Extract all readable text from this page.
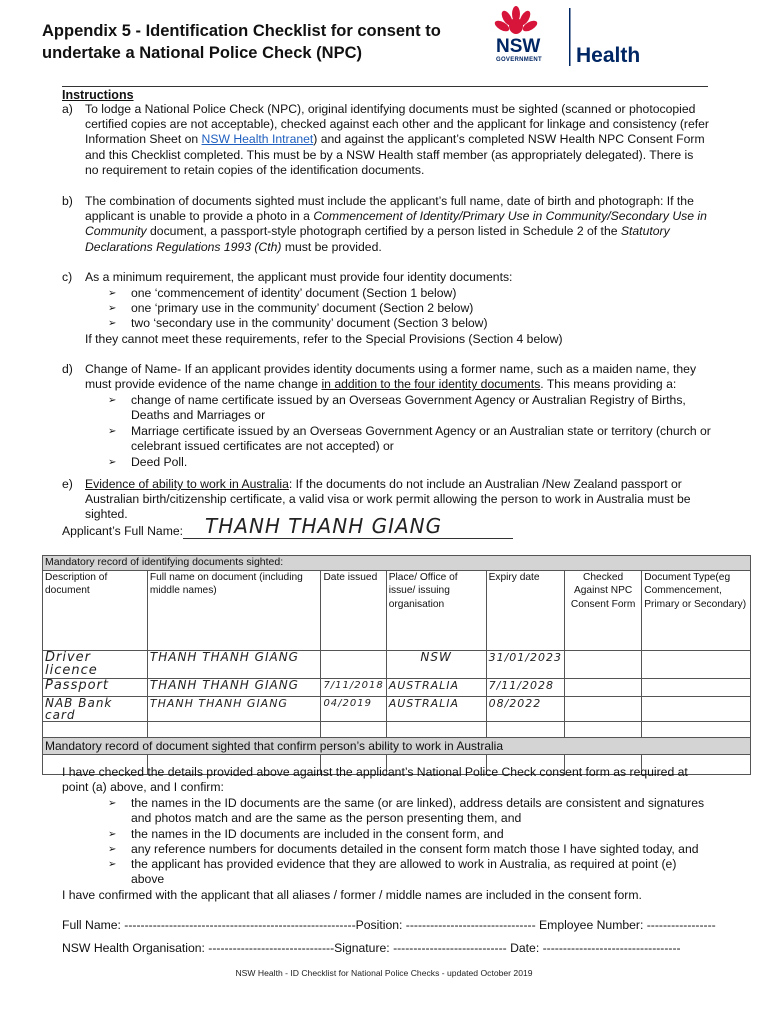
Appendix 5 - Identification Checklist for consent to undertake a National Police Check (NPC)	NSW
GOVERNMENT Health
Instructions
a) To lodge a National Police Check (NPC), original identifying documents must be sighted (scanned or photocopied certified copies are not acceptable), checked against each other and the applicant for linkage and consistency (refer Information Sheet on NSW Health Intranet) and against the applicant’s completed NSW Health NPC Consent Form and this Checklist completed. This must be by a NSW Health staff member (as appropriately delegated). There is no requirement to retain copies of the identification documents.
b) The combination of documents sighted must include the applicant’s full name, date of birth and photograph: If the applicant is unable to provide a photo in a Commencement of Identity/Primary Use in Community/Secondary Use in Community document, a passport-style photograph certified by a person listed in Schedule 2 of the Statutory Declarations Regulations 1993 (Cth) must be provided.
c)	As a minimum requirement, the applicant must provide four identity documents:
➢	one ‘commencement of identity’ document (Section 1 below)
➢	one ‘primary use in the community’ document (Section 2 below)
➢	two ‘secondary use in the community’ document (Section 3 below)
If they cannot meet these requirements, refer to the Special Provisions (Section 4 below)
d) Change of Name- If an applicant provides identity documents using a former name, such as a maiden name, they must provide evidence of the name change in addition to the four identity documents. This means providing a:
➢	change of name certificate issued by an Overseas Government Agency or Australian Registry of Births, Deaths and Marriages or
➢	Marriage certificate issued by an Overseas Government Agency or an Australian state or territory (church or celebrant issued certificates are not accepted) or
➢	Deed Poll.
e) Evidence of ability to work in Australia: If the documents do not include an Australian /New Zealand passport or Australian birth/citizenship certificate, a valid visa or work permit allowing the person to work in Australia must be sighted.
Applicant’s Full Name: THANH THANH GIANG
Mandatory record of identifying documents sighted:						
Description of document	Full name on document (including middle names)	Date issued	Place/ Office of issue/ issuing organisation	Expiry date	Checked Against NPC Consent Form	Document Type(eg Commencement, Primary or Secondary)
Driver licence	THANH THANH GIANG		NSW	31/01/2023		
Passport	THANH THANH GIANG	7/11/2018	AUSTRALIA	7/11/2028		
NAB Bank card	THANH THANH GIANG	04/2019	AUSTRALIA	08/2022		

Mandatory record of document sighted that confirm person’s ability to work in Australia						

I have checked the details provided above against the applicant’s National Police Check consent form as required at point (a) above, and I confirm:
➢	the names in the ID documents are the same (or are linked), address details are consistent and signatures and photos match and are the same as the person presenting them, and
➢	the names in the ID documents are included in the consent form, and
➢	any reference numbers for documents detailed in the consent form match those I have sighted today, and
➢	the applicant has provided evidence that they are allowed to work in Australia, as required at point (e) above
I have confirmed with the applicant that all aliases / former / middle names are included in the consent form.
Full Name: ---------------------------------------------------------Position: -------------------------------- Employee Number: -----------------
NSW Health Organisation: -------------------------------Signature: ---------------------------- Date: ----------------------------------
NSW Health - ID Checklist for National Police Checks - updated October 2019
